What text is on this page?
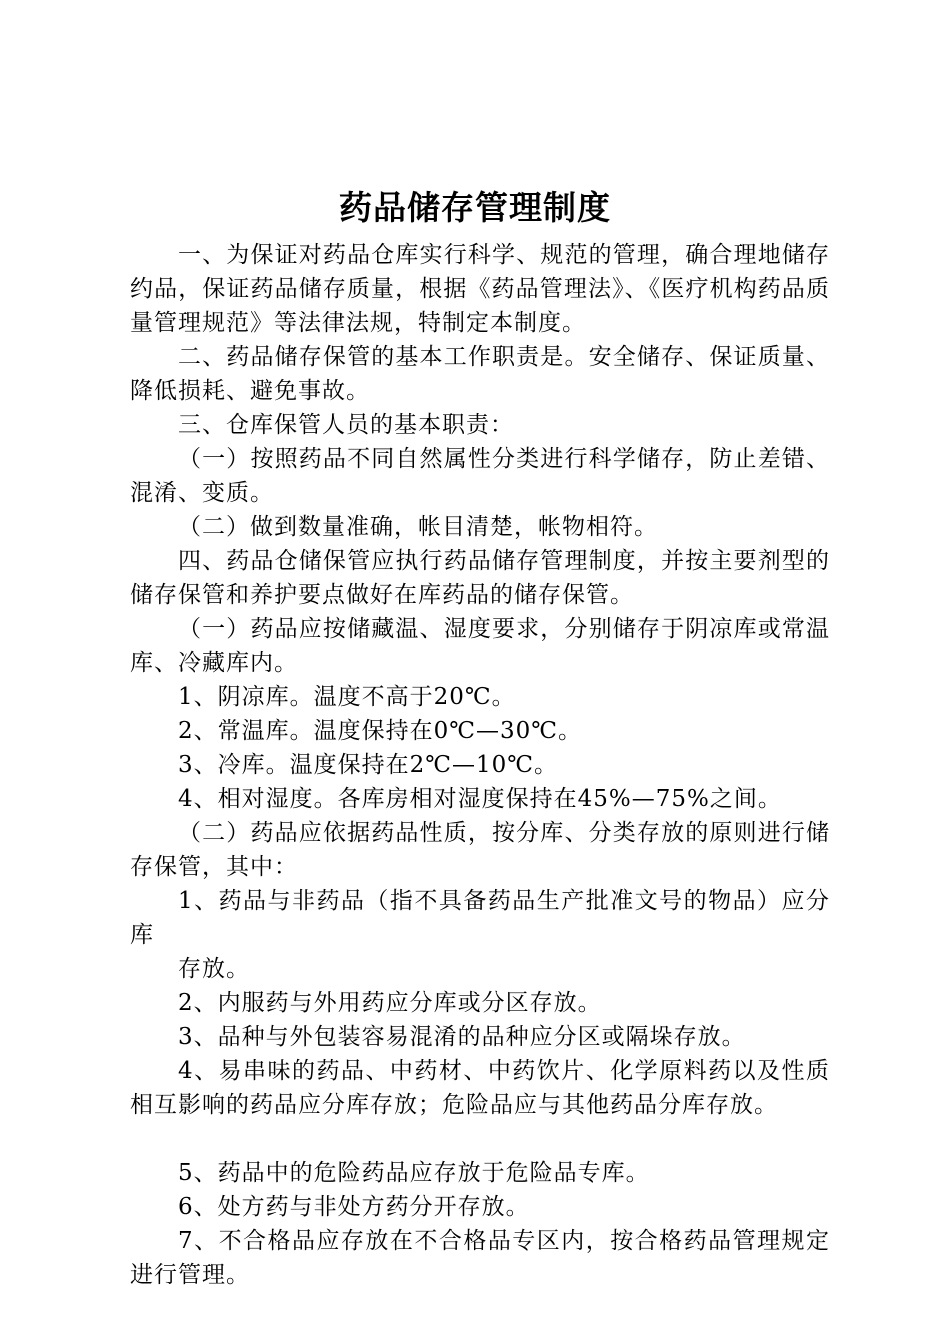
药品储存管理制度

一、为保证对药品仓库实行科学、规范的管理，确合理地储存约品，保证药品储存质量，根据《药品管理法》、《医疗机构药品质量管理规范》等法律法规，特制定本制度。

二、药品储存保管的基本工作职责是。安全储存、保证质量、降低损耗、避免事故。

三、仓库保管人员的基本职责：

（一）按照药品不同自然属性分类进行科学储存，防止差错、混淆、变质。

（二）做到数量准确，帐目清楚，帐物相符。

四、药品仓储保管应执行药品储存管理制度，并按主要剂型的储存保管和养护要点做好在库药品的储存保管。

（一）药品应按储藏温、湿度要求，分别储存于阴凉库或常温库、冷藏库内。

1、阴凉库。温度不高于20℃。

2、常温库。温度保持在0℃—30℃。

3、冷库。温度保持在2℃—10℃。

4、相对湿度。各库房相对湿度保持在45%—75%之间。

（二）药品应依据药品性质，按分库、分类存放的原则进行储存保管，其中：

1、药品与非药品（指不具备药品生产批准文号的物品）应分库

存放。

2、内服药与外用药应分库或分区存放。

3、品种与外包装容易混淆的品种应分区或隔垛存放。

4、易串味的药品、中药材、中药饮片、化学原料药以及性质相互影响的药品应分库存放；危险品应与其他药品分库存放。

5、药品中的危险药品应存放于危险品专库。

6、处方药与非处方药分开存放。

7、不合格品应存放在不合格品专区内，按合格药品管理规定进行管理。
